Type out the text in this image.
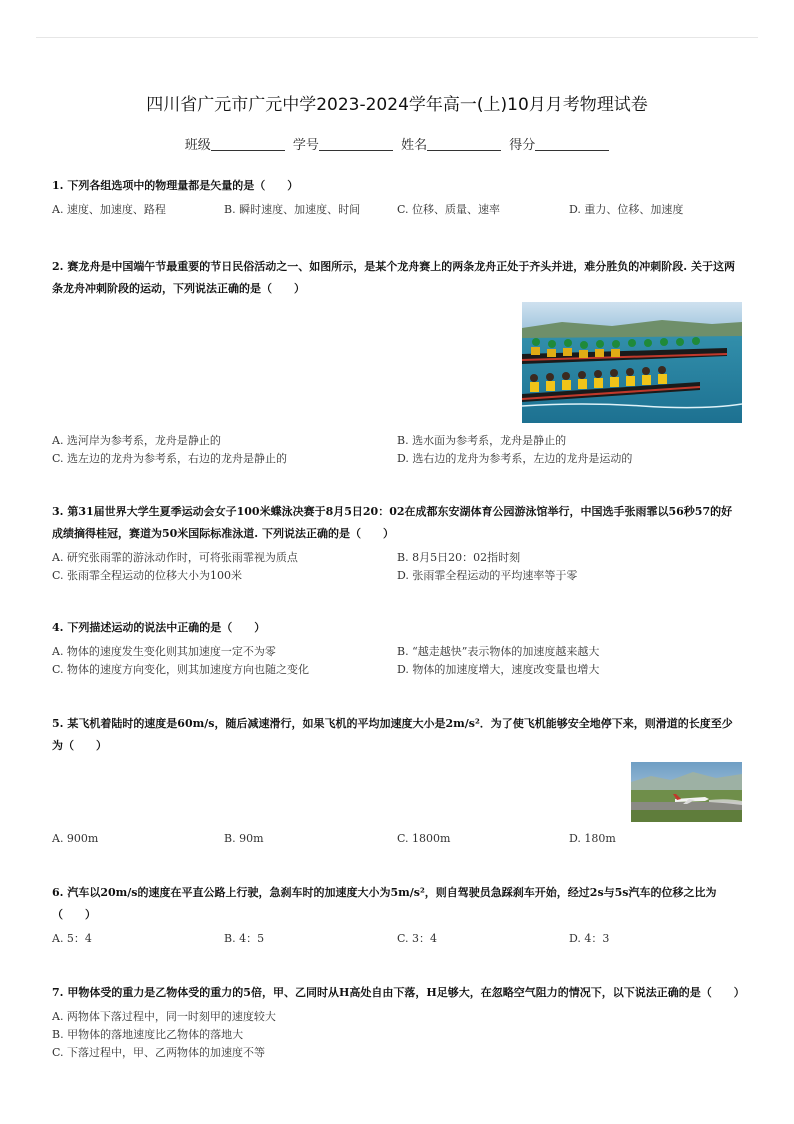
四川省广元市广元中学2023-2024学年高一(上)10月月考物理试卷
班级	学号	姓名	得分

1. 下列各组选项中的物理量都是矢量的是（　　）

A. 速度、加速度、路程	B. 瞬时速度、加速度、时间	C. 位移、质量、速率	D. 重力、位移、加速度

2. 赛龙舟是中国端午节最重要的节日民俗活动之一、如图所示，是某个龙舟赛上的两条龙舟正处于齐头并进，难分胜负的冲刺阶段. 关于这两条龙舟冲刺阶段的运动，下列说法正确的是（　　）

A. 选河岸为参考系，龙舟是静止的	B. 选水面为参考系，龙舟是静止的
C. 选左边的龙舟为参考系，右边的龙舟是静止的	D. 选右边的龙舟为参考系，左边的龙舟是运动的

3. 第31届世界大学生夏季运动会女子100米蝶泳决赛于8月5日20：02在成都东安湖体育公园游泳馆举行，中国选手张雨霏以56秒57的好成绩摘得桂冠，赛道为50米国际标准泳道. 下列说法正确的是（　　）

A. 研究张雨霏的游泳动作时，可将张雨霏视为质点	B. 8月5日20：02指时刻
C. 张雨霏全程运动的位移大小为100米	D. 张雨霏全程运动的平均速率等于零

4. 下列描述运动的说法中正确的是（　　）

A. 物体的速度发生变化则其加速度一定不为零	B. “越走越快”表示物体的加速度越来越大
C. 物体的速度方向变化，则其加速度方向也随之变化	D. 物体的加速度增大，速度改变量也增大

5. 某飞机着陆时的速度是60m/s，随后减速滑行，如果飞机的平均加速度大小是2m/s²．为了使飞机能够安全地停下来，则滑道的长度至少为（　　）

A. 900m	B. 90m	C. 1800m	D. 180m

6. 汽车以20m/s的速度在平直公路上行驶，急刹车时的加速度大小为5m/s²，则自驾驶员急踩刹车开始，经过2s与5s汽车的位移之比为（　　）

A. 5：4	B. 4：5	C. 3：4	D. 4：3

7. 甲物体受的重力是乙物体受的重力的5倍，甲、乙同时从H高处自由下落，H足够大，在忽略空气阻力的情况下，以下说法正确的是（　　）

A. 两物体下落过程中，同一时刻甲的速度较大
B. 甲物体的落地速度比乙物体的落地大
C. 下落过程中，甲、乙两物体的加速度不等
